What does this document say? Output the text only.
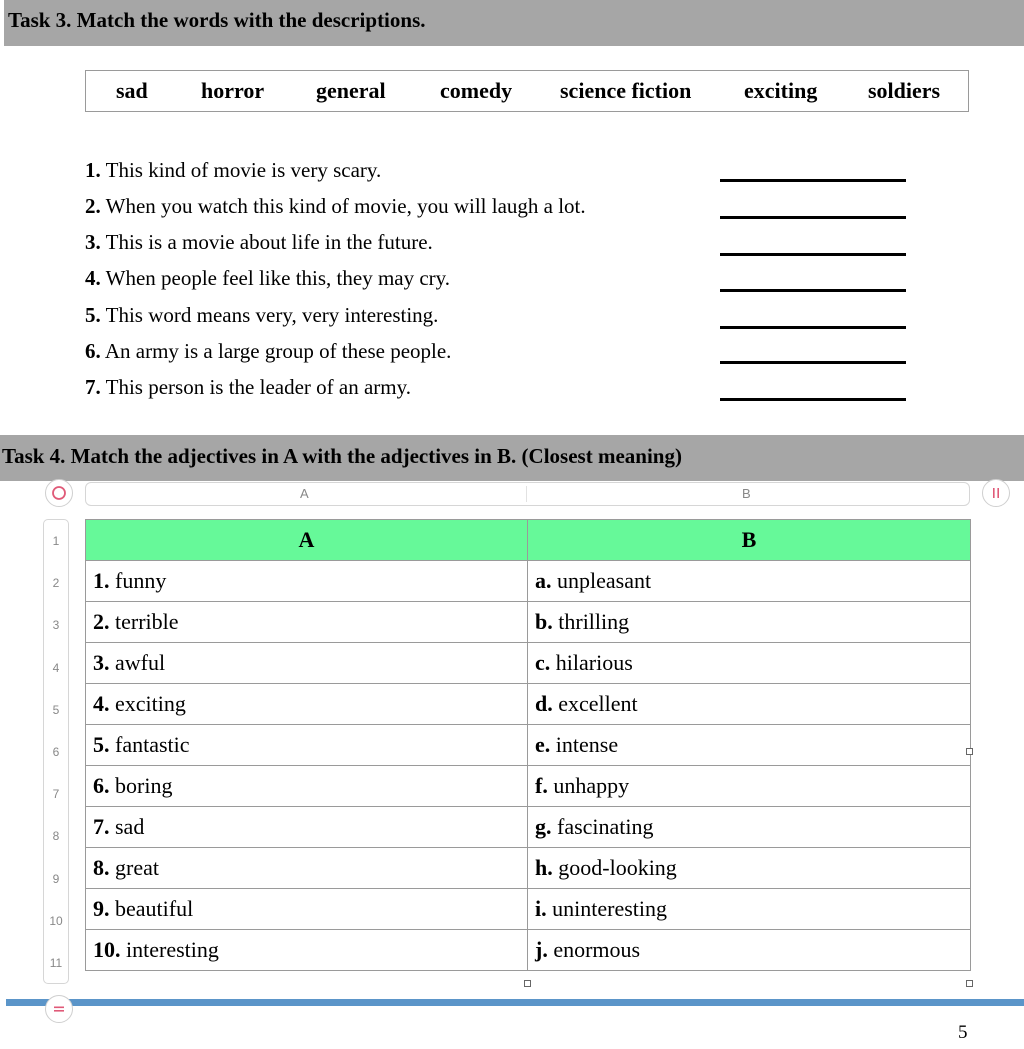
Task 3. Match the words with the descriptions.
sad horror general comedy science fiction exciting soldiers
1. This kind of movie is very scary.
2. When you watch this kind of movie, you will laugh a lot.
3. This is a movie about life in the future.
4. When people feel like this, they may cry.
5. This word means very, very interesting.
6. An army is a large group of these people.
7. This person is the leader of an army.
Task 4. Match the adjectives in A with the adjectives in B. (Closest meaning)
A	B
1
2
3
4
5
6
7
8
9
10
11
A	B
1. funny	a. unpleasant
2. terrible	b. thrilling
3. awful	c. hilarious
4. exciting	d. excellent
5. fantastic	e. intense
6. boring	f. unhappy
7. sad	g. fascinating
8. great	h. good-looking
9. beautiful	i. uninteresting
10. interesting	j. enormous
5
